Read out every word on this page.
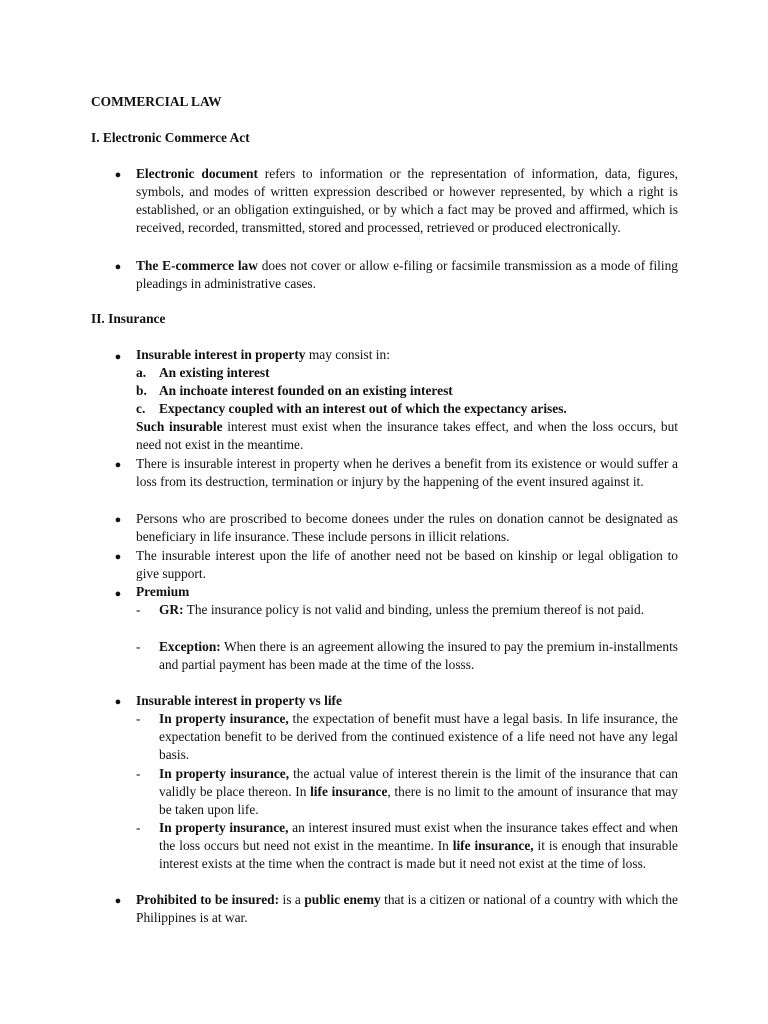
COMMERCIAL LAW
I. Electronic Commerce Act
● Electronic document refers to information or the representation of information, data, figures, symbols, and modes of written expression described or however represented, by which a right is established, or an obligation extinguished, or by which a fact may be proved and affirmed, which is received, recorded, transmitted, stored and processed, retrieved or produced electronically.
● The E-commerce law does not cover or allow e-filing or facsimile transmission as a mode of filing pleadings in administrative cases.
II. Insurance
● Insurable interest in property may consist in:
a. An existing interest
b. An inchoate interest founded on an existing interest
c. Expectancy coupled with an interest out of which the expectancy arises.
Such insurable interest must exist when the insurance takes effect, and when the loss occurs, but need not exist in the meantime.
● There is insurable interest in property when he derives a benefit from its existence or would suffer a loss from its destruction, termination or injury by the happening of the event insured against it.
● Persons who are proscribed to become donees under the rules on donation cannot be designated as beneficiary in life insurance. These include persons in illicit relations.
● The insurable interest upon the life of another need not be based on kinship or legal obligation to give support.
● Premium
- GR: The insurance policy is not valid and binding, unless the premium thereof is not paid.
- Exception: When there is an agreement allowing the insured to pay the premium in-installments and partial payment has been made at the time of the losss.
● Insurable interest in property vs life
- In property insurance, the expectation of benefit must have a legal basis. In life insurance, the expectation benefit to be derived from the continued existence of a life need not have any legal basis.
- In property insurance, the actual value of interest therein is the limit of the insurance that can validly be place thereon. In life insurance, there is no limit to the amount of insurance that may be taken upon life.
- In property insurance, an interest insured must exist when the insurance takes effect and when the loss occurs but need not exist in the meantime. In life insurance, it is enough that insurable interest exists at the time when the contract is made but it need not exist at the time of loss.
● Prohibited to be insured: is a public enemy that is a citizen or national of a country with which the Philippines is at war.
